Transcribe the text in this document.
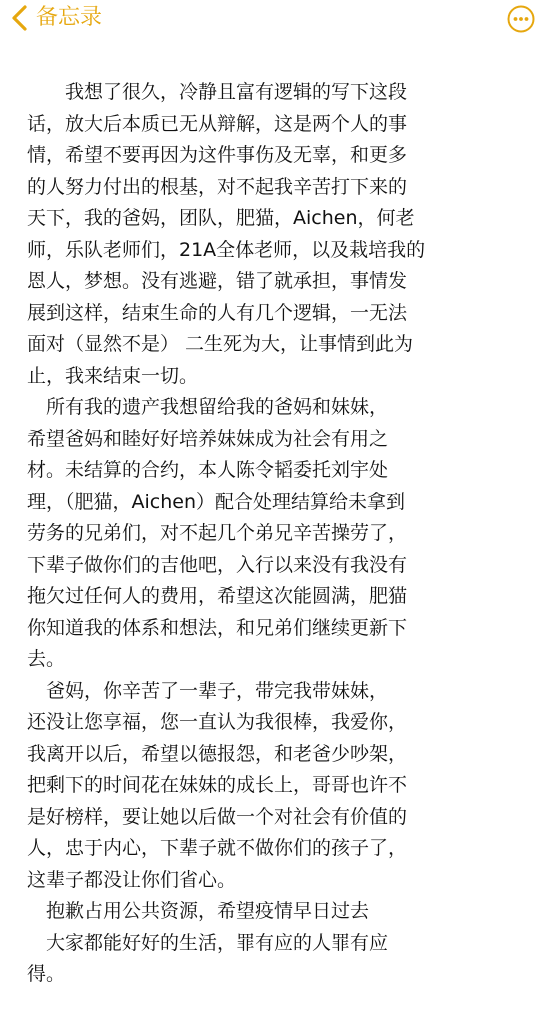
备忘录
　　我想了很久，冷静且富有逻辑的写下这段
话，放大后本质已无从辩解，这是两个人的事
情，希望不要再因为这件事伤及无辜，和更多
的人努力付出的根基，对不起我辛苦打下来的
天下，我的爸妈，团队，肥猫，Aichen，何老
师，乐队老师们，21A全体老师，以及栽培我的
恩人，梦想。没有逃避，错了就承担，事情发
展到这样，结束生命的人有几个逻辑，一无法
面对（显然不是） 二生死为大，让事情到此为
止，我来结束一切。
　所有我的遗产我想留给我的爸妈和妹妹，
希望爸妈和睦好好培养妹妹成为社会有用之
材。未结算的合约，本人陈令韬委托刘宇处
理，（肥猫，Aichen）配合处理结算给未拿到
劳务的兄弟们，对不起几个弟兄辛苦操劳了，
下辈子做你们的吉他吧，入行以来没有我没有
拖欠过任何人的费用，希望这次能圆满，肥猫
你知道我的体系和想法，和兄弟们继续更新下
去。
　爸妈，你辛苦了一辈子，带完我带妹妹，
还没让您享福，您一直认为我很棒，我爱你，
我离开以后，希望以德报怨，和老爸少吵架，
把剩下的时间花在妹妹的成长上，哥哥也许不
是好榜样，要让她以后做一个对社会有价值的
人，忠于内心，下辈子就不做你们的孩子了，
这辈子都没让你们省心。
　抱歉占用公共资源，希望疫情早日过去
　大家都能好好的生活，罪有应的人罪有应
得。
